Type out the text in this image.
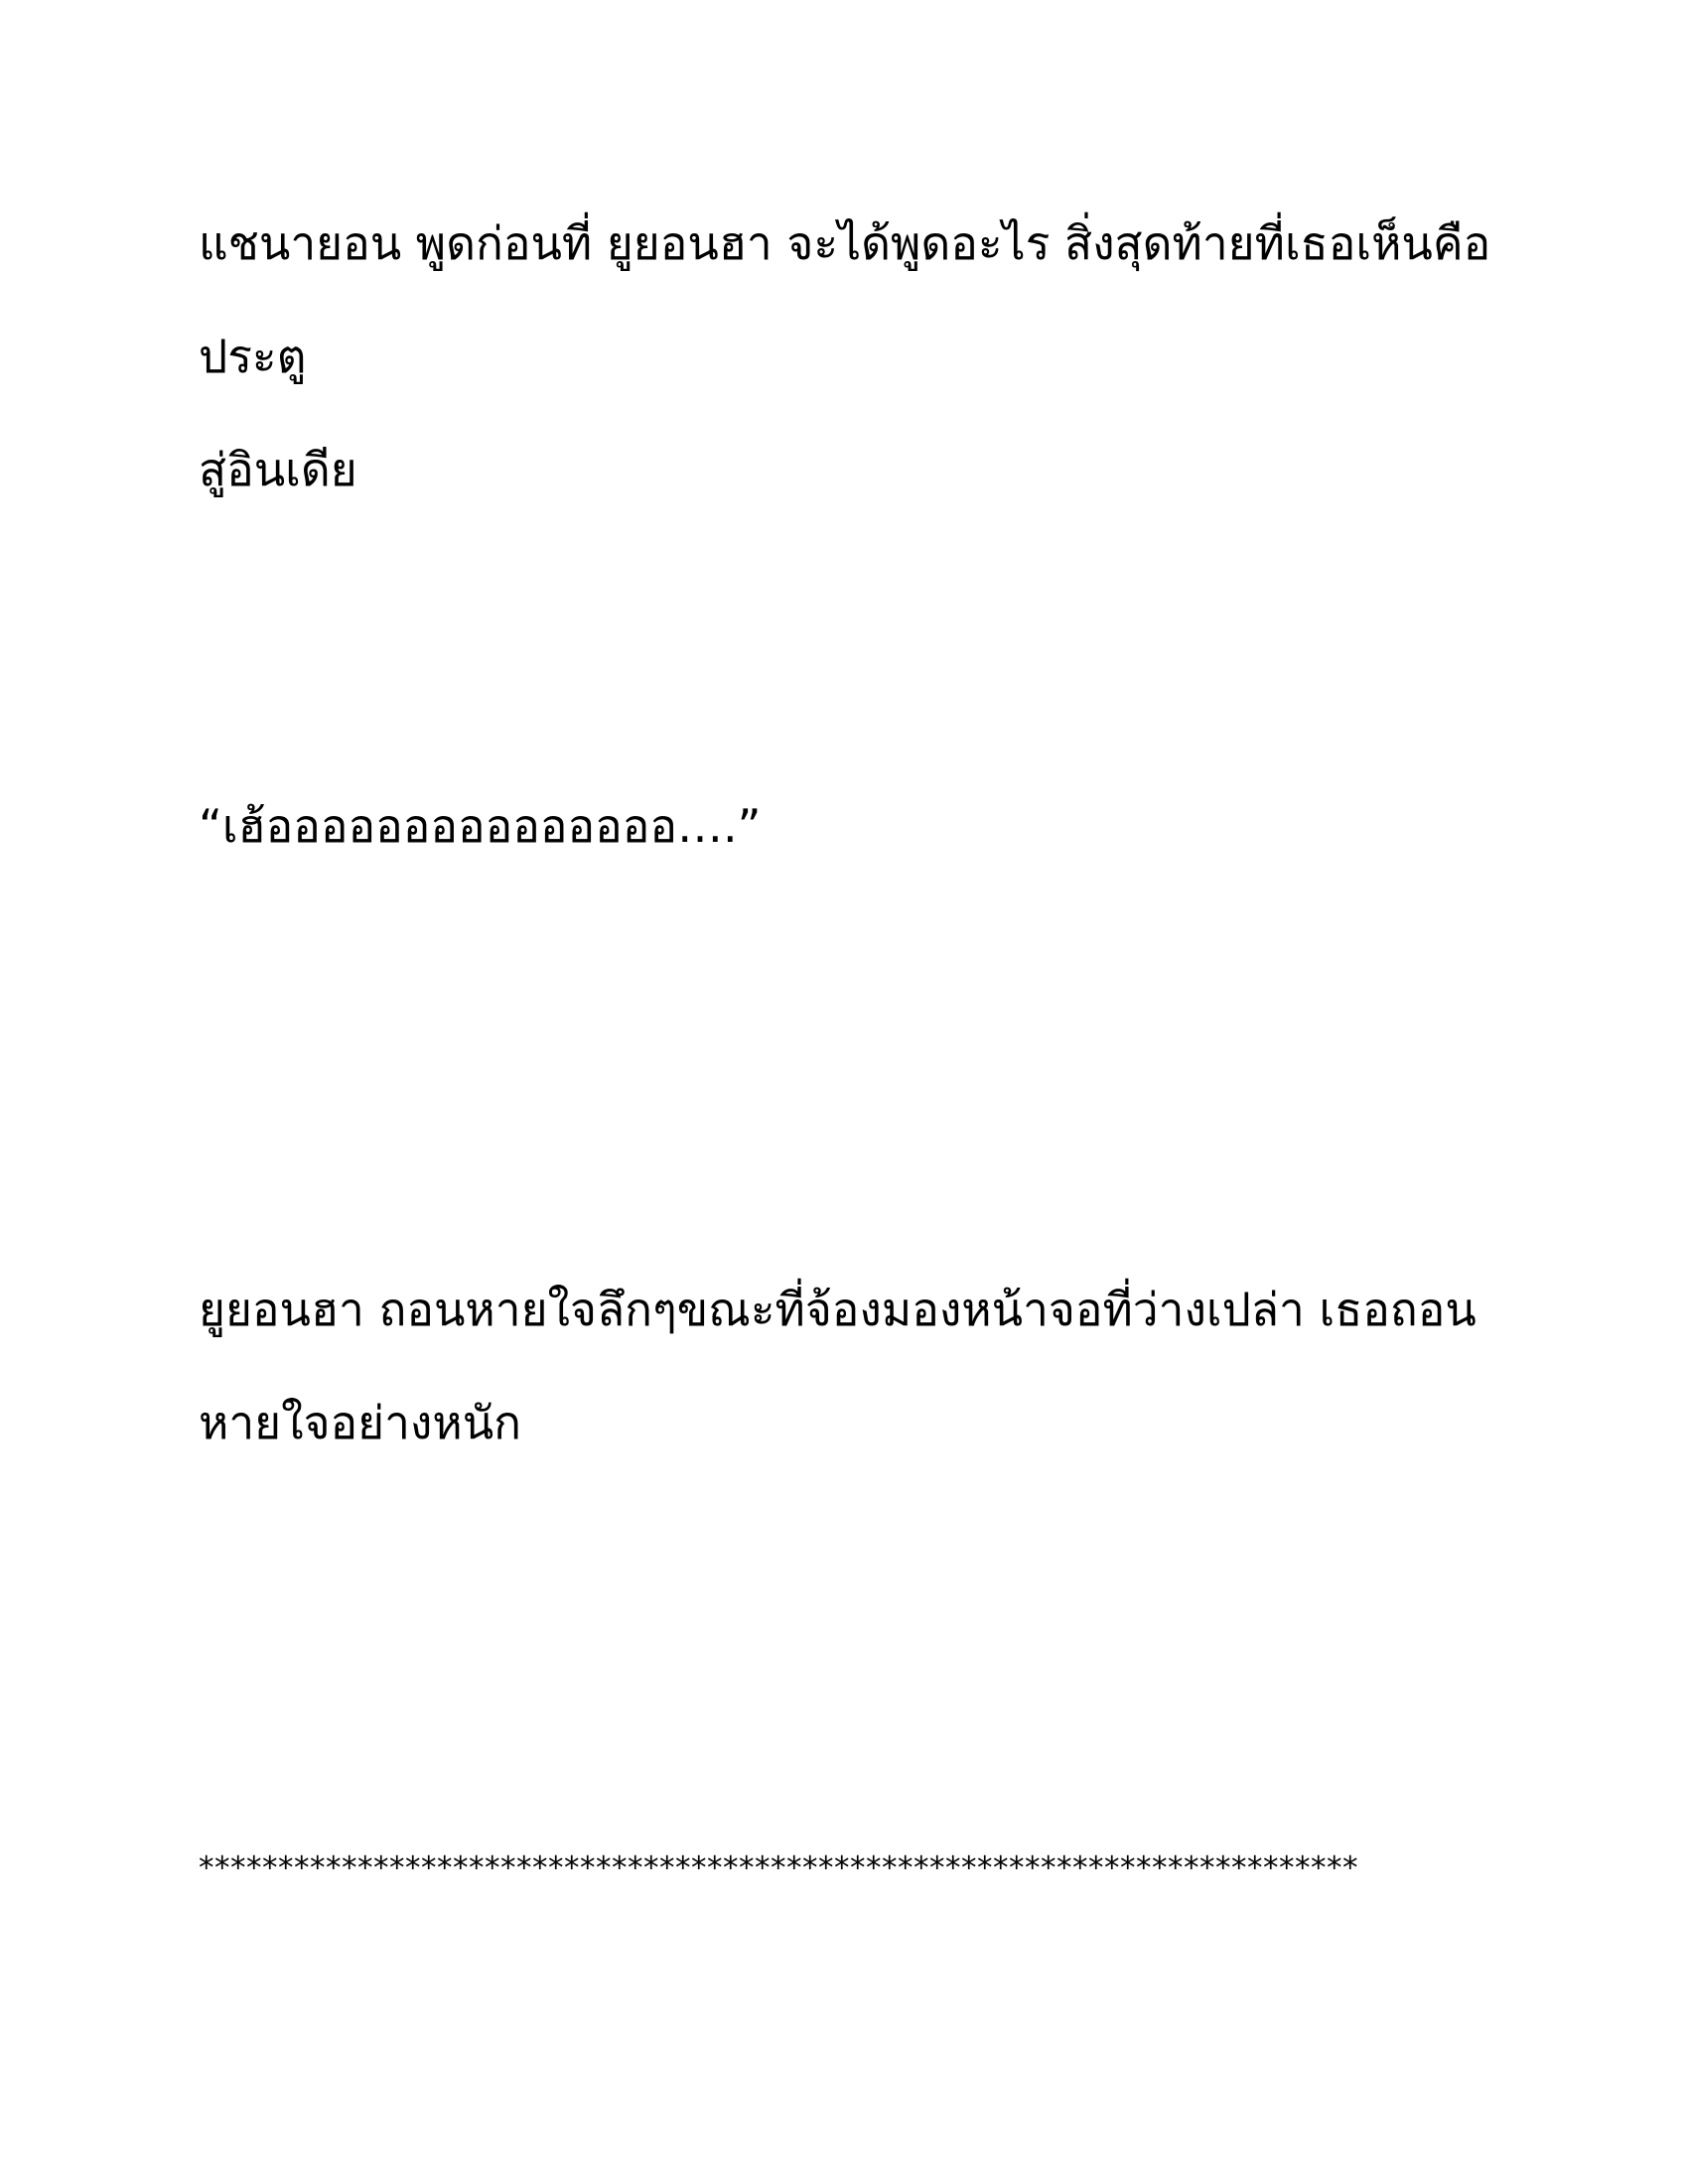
แชนายอน พูดก่อนที่ ยูยอนฮา จะได้พูดอะไร สิ่งสุดท้ายที่เธอเห็นคือประตู
สู่อินเดีย

“เฮ้อออออออออออออออ….”

ยูยอนฮา ถอนหายใจลึกๆขณะที่จ้องมองหน้าจอที่ว่างเปล่า เธอถอน
หายใจอย่างหนัก

*************************************************************************
